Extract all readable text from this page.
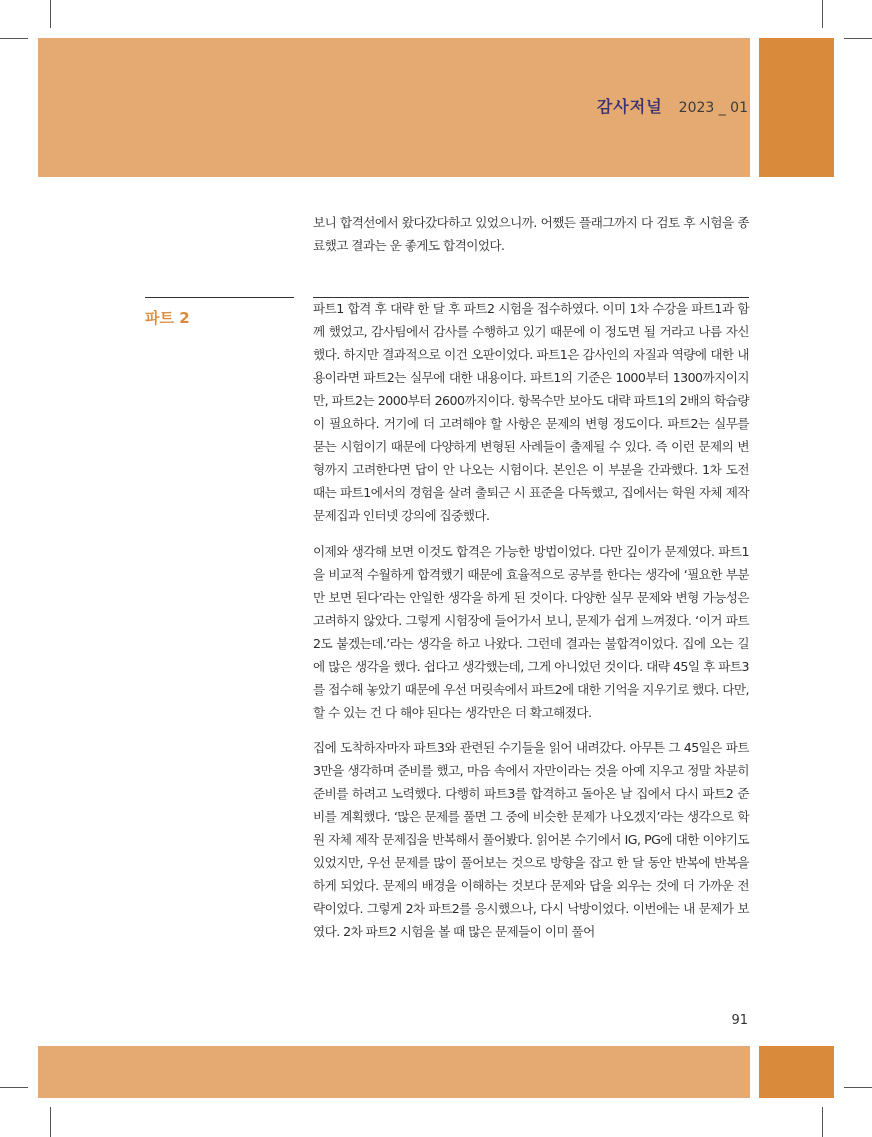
감사저널 2023 _ 01

보니 합격선에서 왔다갔다하고 있었으니까. 어쨌든 플래그까지 다 검토 후 시험을 종료했고 결과는 운 좋게도 합격이었다.

파트 2

파트1 합격 후 대략 한 달 후 파트2 시험을 접수하였다. 이미 1차 수강을 파트1과 함께 했었고, 감사팀에서 감사를 수행하고 있기 때문에 이 정도면 될 거라고 나름 자신했다. 하지만 결과적으로 이건 오판이었다. 파트1은 감사인의 자질과 역량에 대한 내용이라면 파트2는 실무에 대한 내용이다. 파트1의 기준은 1000부터 1300까지이지만, 파트2는 2000부터 2600까지이다. 항목수만 보아도 대략 파트1의 2배의 학습량이 필요하다. 거기에 더 고려해야 할 사항은 문제의 변형 정도이다. 파트2는 실무를 묻는 시험이기 때문에 다양하게 변형된 사례들이 출제될 수 있다. 즉 이런 문제의 변형까지 고려한다면 답이 안 나오는 시험이다. 본인은 이 부분을 간과했다. 1차 도전 때는 파트1에서의 경험을 살려 출퇴근 시 표준을 다독했고, 집에서는 학원 자체 제작 문제집과 인터넷 강의에 집중했다.

이제와 생각해 보면 이것도 합격은 가능한 방법이었다. 다만 깊이가 문제였다. 파트1을 비교적 수월하게 합격했기 때문에 효율적으로 공부를 한다는 생각에 ‘필요한 부분만 보면 된다’라는 안일한 생각을 하게 된 것이다. 다양한 실무 문제와 변형 가능성은 고려하지 않았다. 그렇게 시험장에 들어가서 보니, 문제가 쉽게 느껴졌다. ‘이거 파트2도 붙겠는데.’라는 생각을 하고 나왔다. 그런데 결과는 불합격이었다. 집에 오는 길에 많은 생각을 했다. 쉽다고 생각했는데, 그게 아니었던 것이다. 대략 45일 후 파트3를 접수해 놓았기 때문에 우선 머릿속에서 파트2에 대한 기억을 지우기로 했다. 다만, 할 수 있는 건 다 해야 된다는 생각만은 더 확고해졌다.

집에 도착하자마자 파트3와 관련된 수기들을 읽어 내려갔다. 아무튼 그 45일은 파트3만을 생각하며 준비를 했고, 마음 속에서 자만이라는 것을 아예 지우고 정말 차분히 준비를 하려고 노력했다. 다행히 파트3를 합격하고 돌아온 날 집에서 다시 파트2 준비를 계획했다. ‘많은 문제를 풀면 그 중에 비슷한 문제가 나오겠지’라는 생각으로 학원 자체 제작 문제집을 반복해서 풀어봤다. 읽어본 수기에서 IG, PG에 대한 이야기도 있었지만, 우선 문제를 많이 풀어보는 것으로 방향을 잡고 한 달 동안 반복에 반복을 하게 되었다. 문제의 배경을 이해하는 것보다 문제와 답을 외우는 것에 더 가까운 전략이었다. 그렇게 2차 파트2를 응시했으나, 다시 낙방이었다. 이번에는 내 문제가 보였다. 2차 파트2 시험을 볼 때 많은 문제들이 이미 풀어

91
